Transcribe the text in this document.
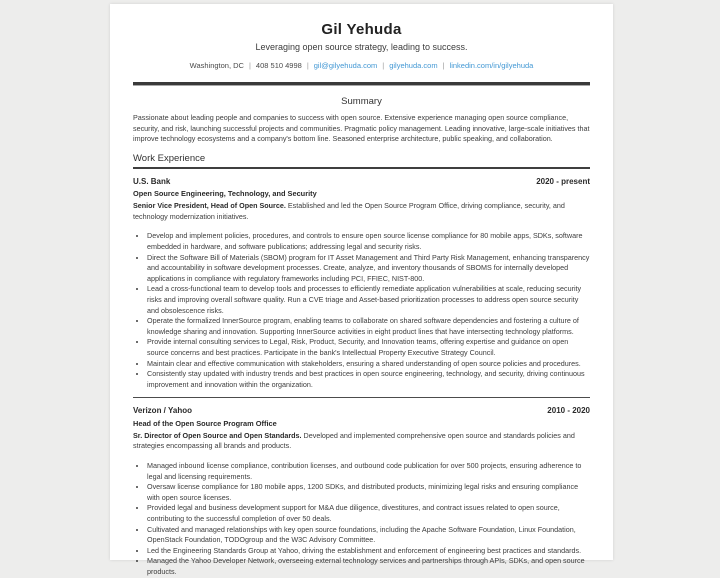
Gil Yehuda
Leveraging open source strategy, leading to success.
Washington, DC | 408 510 4998 | gil@gilyehuda.com | gilyehuda.com | linkedin.com/in/gilyehuda
Summary

Passionate about leading people and companies to success with open source. Extensive experience managing open source compliance, security, and risk, launching successful projects and communities. Pragmatic policy management. Leading innovative, large-scale initiatives that improve technology ecosystems and a company's bottom line. Seasoned enterprise architecture, public speaking, and collaboration.

Work Experience
U.S. Bank	2020 - present
Open Source Engineering, Technology, and Security

Senior Vice President, Head of Open Source. Established and led the Open Source Program Office, driving compliance, security, and technology modernization initiatives.

• Develop and implement policies, procedures, and controls to ensure open source license compliance for 80 mobile apps, SDKs, software embedded in hardware, and software publications; addressing legal and security risks.
• Direct the Software Bill of Materials (SBOM) program for IT Asset Management and Third Party Risk Management, enhancing transparency and accountability in software development processes. Create, analyze, and inventory thousands of SBOMS for internally developed applications in compliance with regulatory frameworks including PCI, FFIEC, NIST-800.
• Lead a cross-functional team to develop tools and processes to efficiently remediate application vulnerabilities at scale, reducing security risks and improving overall software quality. Run a CVE triage and Asset-based prioritization processes to address open source security and obsolescence risks.
• Operate the formalized InnerSource program, enabling teams to collaborate on shared software dependencies and fostering a culture of knowledge sharing and innovation. Supporting InnerSource activities in eight product lines that have intersecting technology platforms.
• Provide internal consulting services to Legal, Risk, Product, Security, and Innovation teams, offering expertise and guidance on open source concerns and best practices. Participate in the bank's Intellectual Property Executive Strategy Council.
• Maintain clear and effective communication with stakeholders, ensuring a shared understanding of open source policies and procedures.
• Consistently stay updated with industry trends and best practices in open source engineering, technology, and security, driving continuous improvement and innovation within the organization.
Verizon / Yahoo	2010 - 2020
Head of the Open Source Program Office

Sr. Director of Open Source and Open Standards. Developed and implemented comprehensive open source and standards policies and strategies encompassing all brands and products.

• Managed inbound license compliance, contribution licenses, and outbound code publication for over 500 projects, ensuring adherence to legal and licensing requirements.
• Oversaw license compliance for 180 mobile apps, 1200 SDKs, and distributed products, minimizing legal risks and ensuring compliance with open source licenses.
• Provided legal and business development support for M&A due diligence, divestitures, and contract issues related to open source, contributing to the successful completion of over 50 deals.
• Cultivated and managed relationships with key open source foundations, including the Apache Software Foundation, Linux Foundation, OpenStack Foundation, TODOgroup and the W3C Advisory Committee.
• Led the Engineering Standards Group at Yahoo, driving the establishment and enforcement of engineering best practices and standards.
• Managed the Yahoo Developer Network, overseeing external technology services and partnerships through APIs, SDKs, and open source products.
